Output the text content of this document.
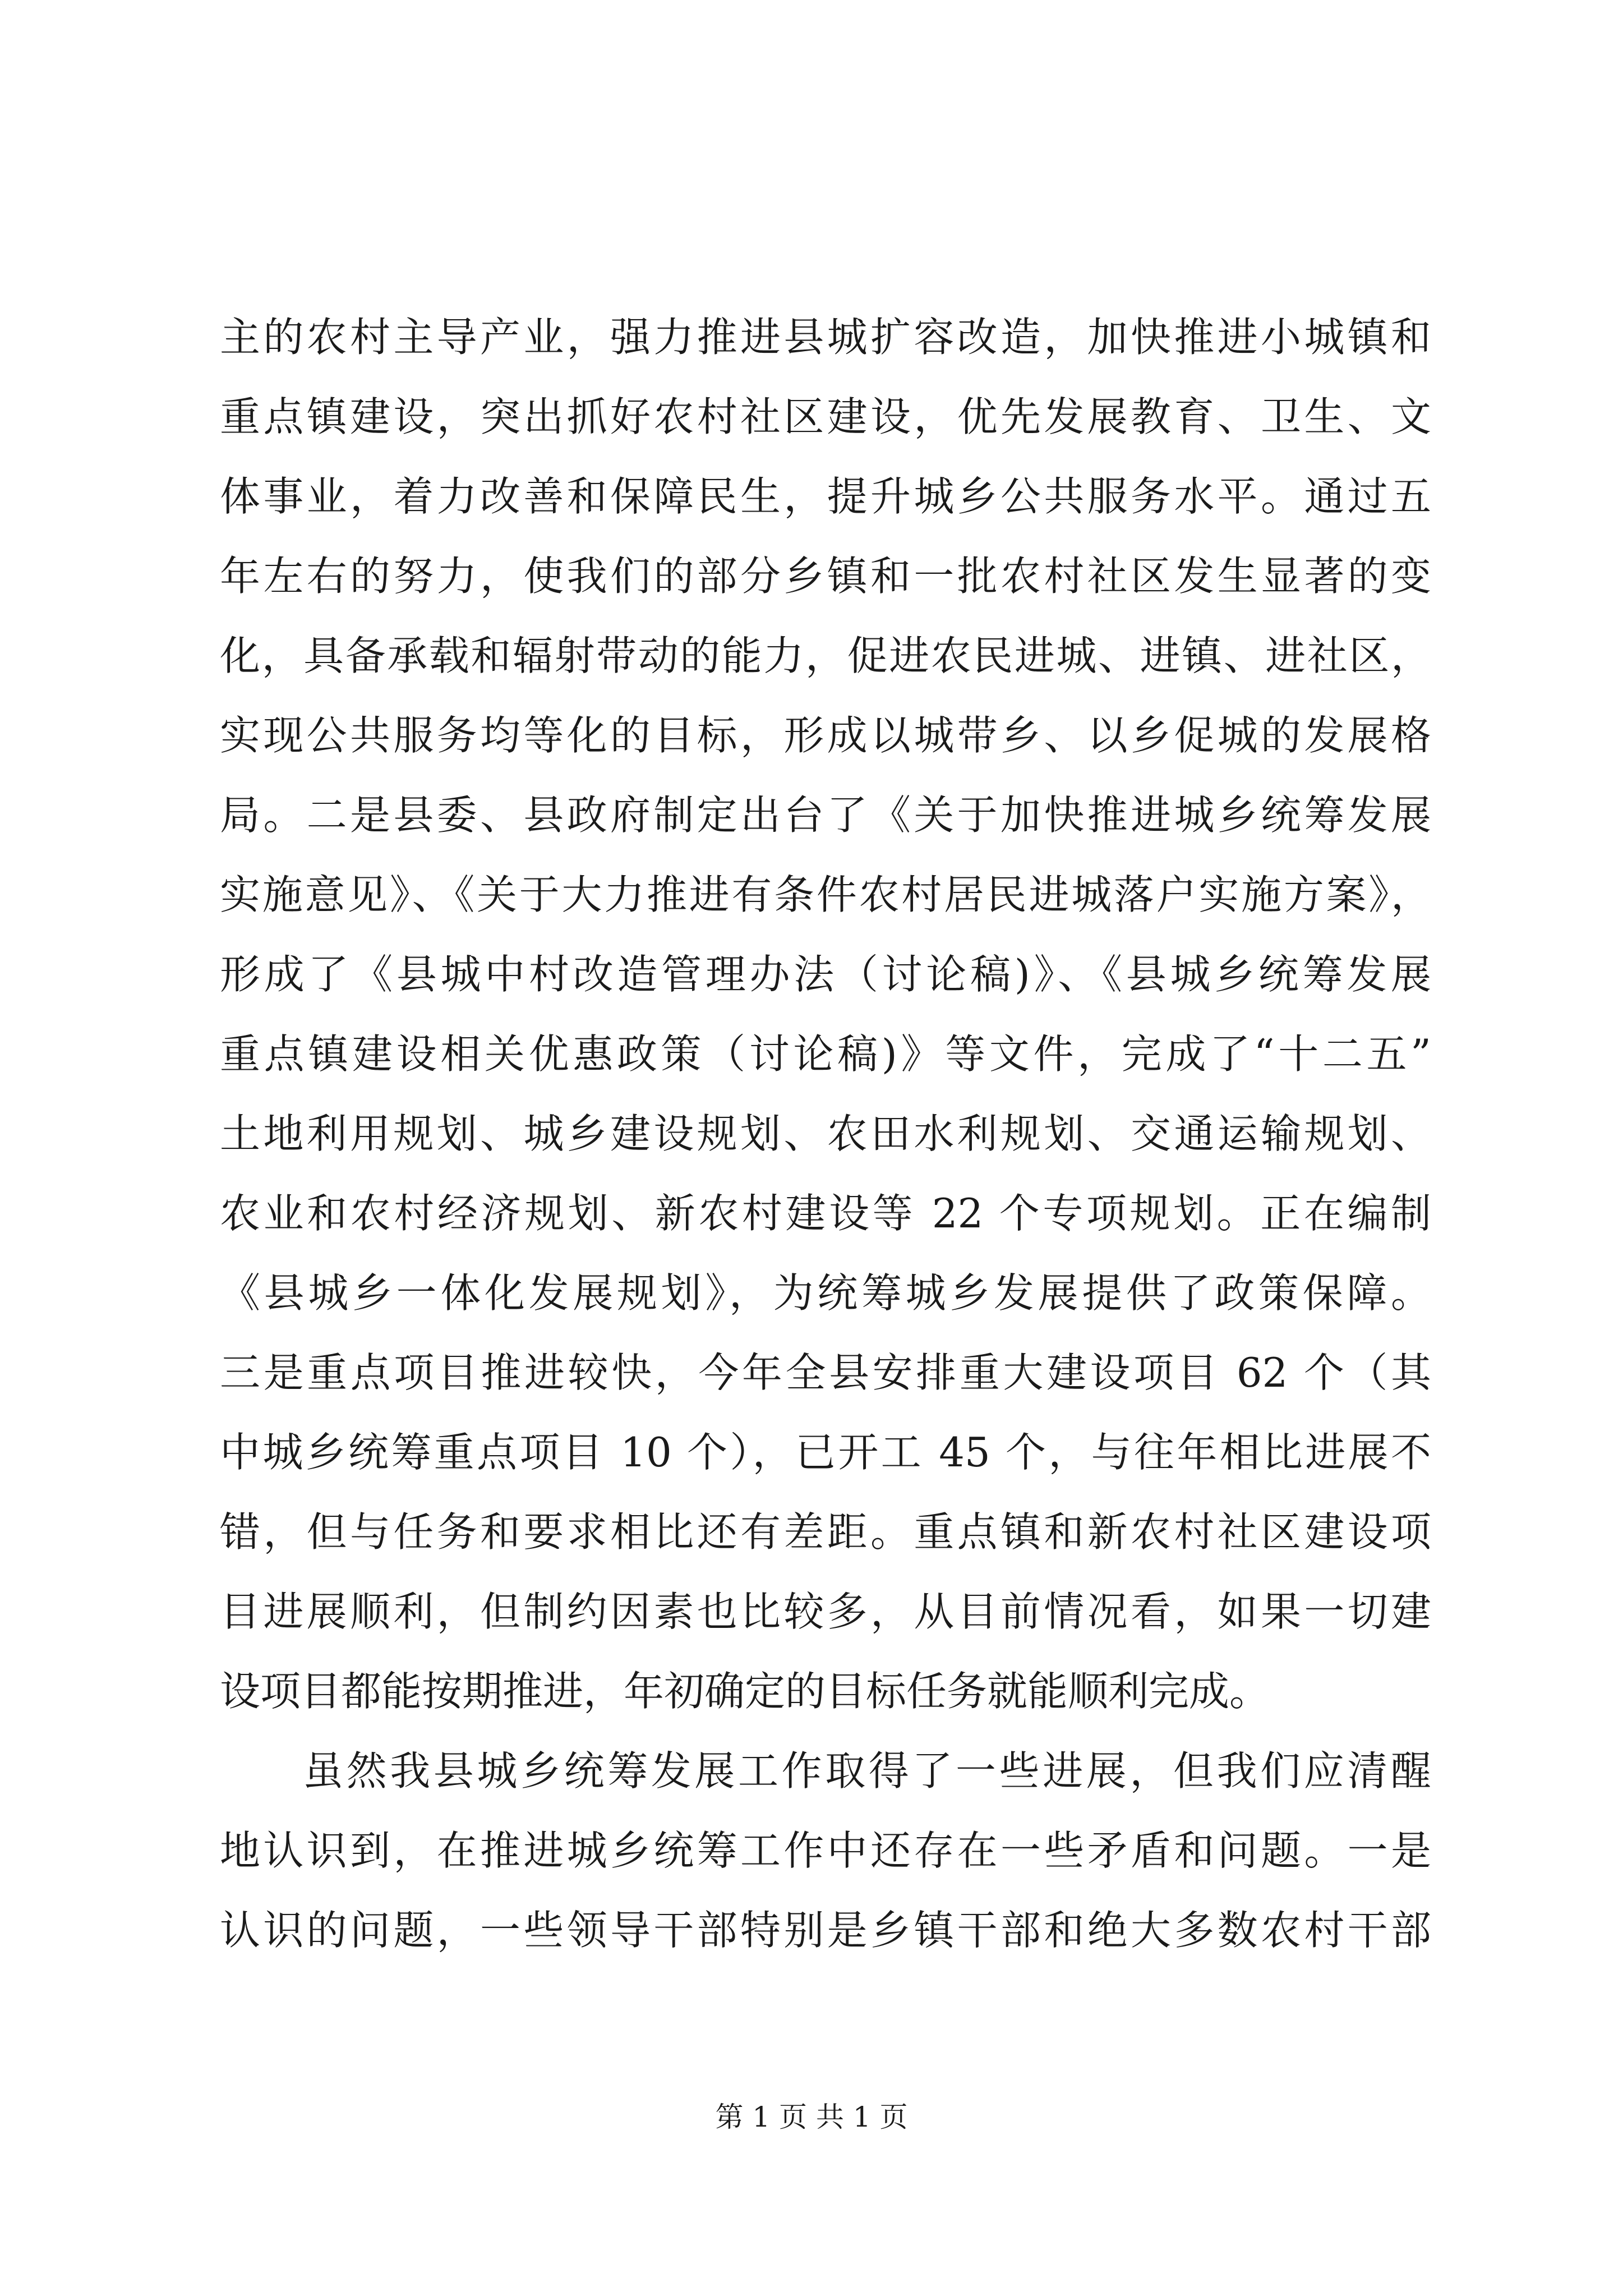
主的农村主导产业，强力推进县城扩容改造，加快推进小城镇和
重点镇建设，突出抓好农村社区建设，优先发展教育、卫生、文
体事业，着力改善和保障民生，提升城乡公共服务水平。通过五
年左右的努力，使我们的部分乡镇和一批农村社区发生显著的变
化，具备承载和辐射带动的能力，促进农民进城、进镇、进社区，
实现公共服务均等化的目标，形成以城带乡、以乡促城的发展格
局。二是县委、县政府制定出台了《关于加快推进城乡统筹发展
实施意见》、《关于大力推进有条件农村居民进城落户实施方案》，
形成了《县城中村改造管理办法（讨论稿)》、《县城乡统筹发展
重点镇建设相关优惠政策（讨论稿)》等文件，完成了“十二五”
土地利用规划、城乡建设规划、农田水利规划、交通运输规划、
农业和农村经济规划、新农村建设等 22 个专项规划。正在编制
《县城乡一体化发展规划》，为统筹城乡发展提供了政策保障。
三是重点项目推进较快，今年全县安排重大建设项目 62 个（其
中城乡统筹重点项目 10 个），已开工 45 个，与往年相比进展不
错，但与任务和要求相比还有差距。重点镇和新农村社区建设项
目进展顺利，但制约因素也比较多，从目前情况看，如果一切建
设项目都能按期推进，年初确定的目标任务就能顺利完成。
虽然我县城乡统筹发展工作取得了一些进展，但我们应清醒
地认识到，在推进城乡统筹工作中还存在一些矛盾和问题。一是
认识的问题，一些领导干部特别是乡镇干部和绝大多数农村干部
第 1 页 共 1 页
